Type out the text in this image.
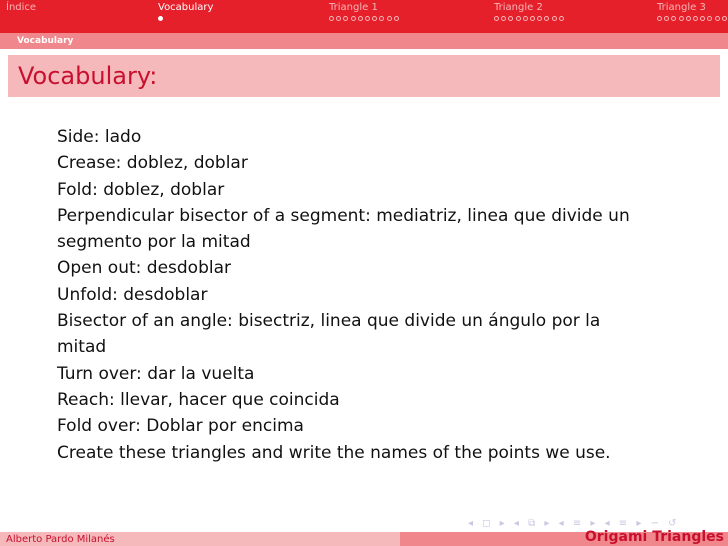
Índice	Vocabulary	Triangle 1	Triangle 2	Triangle 3
Vocabulary
Vocabulary:
Side: lado
Crease: doblez, doblar
Fold: doblez, doblar
Perpendicular bisector of a segment: mediatriz, linea que divide un
segmento por la mitad
Open out: desdoblar
Unfold: desdoblar
Bisector of an angle: bisectriz, linea que divide un ángulo por la
mitad
Turn over: dar la vuelta
Reach: llevar, hacer que coincida
Fold over: Doblar por encima
Create these triangles and write the names of the points we use.
◂ ◻ ▸ ◂ ⧉ ▸ ◂ ≡ ▸ ◂ ≡ ▸ ∽ ↺
Alberto Pardo Milanés	Origami Triangles
